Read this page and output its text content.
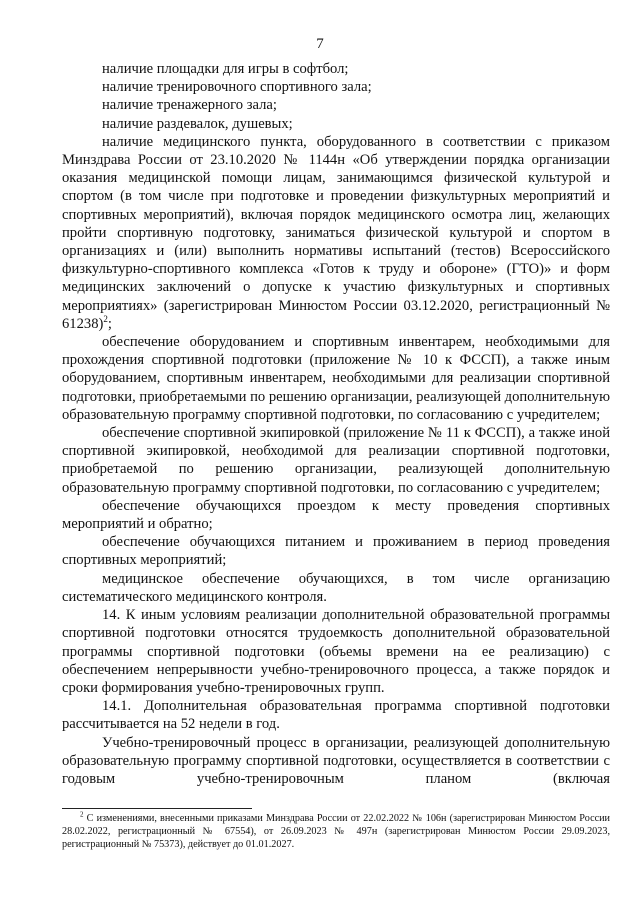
7

наличие площадки для игры в софтбол;

наличие тренировочного спортивного зала;

наличие тренажерного зала;

наличие раздевалок, душевых;

наличие медицинского пункта, оборудованного в соответствии с приказом Минздрава России от 23.10.2020 № 1144н «Об утверждении порядка организации оказания медицинской помощи лицам, занимающимся физической культурой и спортом (в том числе при подготовке и проведении физкультурных мероприятий и спортивных мероприятий), включая порядок медицинского осмотра лиц, желающих пройти спортивную подготовку, заниматься физической культурой и спортом в организациях и (или) выполнить нормативы испытаний (тестов) Всероссийского физкультурно-спортивного комплекса «Готов к труду и обороне» (ГТО)» и форм медицинских заключений о допуске к участию физкультурных и спортивных мероприятиях» (зарегистрирован Минюстом России 03.12.2020, регистрационный № 61238)$^2$;

обеспечение оборудованием и спортивным инвентарем, необходимыми для прохождения спортивной подготовки (приложение № 10 к ФССП), а также иным оборудованием, спортивным инвентарем, необходимыми для реализации спортивной подготовки, приобретаемыми по решению организации, реализующей дополнительную образовательную программу спортивной подготовки, по согласованию с учредителем;

обеспечение спортивной экипировкой (приложение № 11 к ФССП), а также иной спортивной экипировкой, необходимой для реализации спортивной подготовки, приобретаемой по решению организации, реализующей дополнительную образовательную программу спортивной подготовки, по согласованию с учредителем;

обеспечение обучающихся проездом к месту проведения спортивных мероприятий и обратно;

обеспечение обучающихся питанием и проживанием в период проведения спортивных мероприятий;

медицинское обеспечение обучающихся, в том числе организацию систематического медицинского контроля.

14. К иным условиям реализации дополнительной образовательной программы спортивной подготовки относятся трудоемкость дополнительной образовательной программы спортивной подготовки (объемы времени на ее реализацию) с обеспечением непрерывности учебно-тренировочного процесса, а также порядок и сроки формирования учебно-тренировочных групп.

14.1. Дополнительная образовательная программа спортивной подготовки рассчитывается на 52 недели в год.

Учебно-тренировочный процесс в организации, реализующей дополнительную образовательную программу спортивной подготовки, осуществляется в соответствии с годовым учебно-тренировочным планом (включая

$^2$ С изменениями, внесенными приказами Минздрава России от 22.02.2022 № 106н (зарегистрирован Минюстом России 28.02.2022, регистрационный № 67554), от 26.09.2023 № 497н (зарегистрирован Минюстом России 29.09.2023, регистрационный № 75373), действует до 01.01.2027.
